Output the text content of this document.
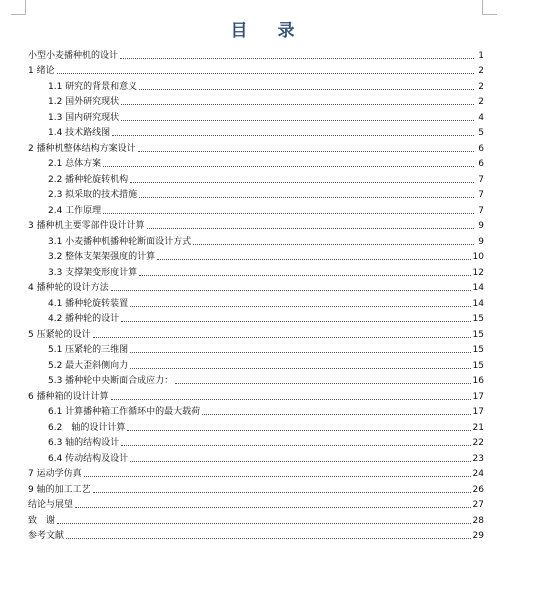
目 录
小型小麦播种机的设计	1
1 绪论	2
1.1 研究的背景和意义	2
1.2 国外研究现状	2
1.3 国内研究现状	4
1.4 技术路线图	5
2 播种机整体结构方案设计	6
2.1 总体方案	6
2.2 播种轮旋转机构	7
2.3 拟采取的技术措施	7
2.4 工作原理	7
3 播种机主要零部件设计计算	9
3.1 小麦播种机播种轮断面设计方式	9
3.2 整体支架架强度的计算	10
3.3 支撑架变形度计算	12
4 播种轮的设计方法	14
4.1 播种轮旋转装置	14
4.2 播种轮的设计	15
5 压紧轮的设计	15
5.1 压紧轮的三维图	15
5.2 最大歪斜侧向力	15
5.3 播种轮中央断面合成应力：	16
6 播种箱的设计计算	17
6.1 计算播种箱工作循环中的最大载荷	17
6.2　轴的设计计算	21
6.3 轴的结构设计	22
6.4 传动结构及设计	23
7 运动学仿真	24
9 轴的加工工艺	26
结论与展望	27
致　谢	28
参考文献	29
